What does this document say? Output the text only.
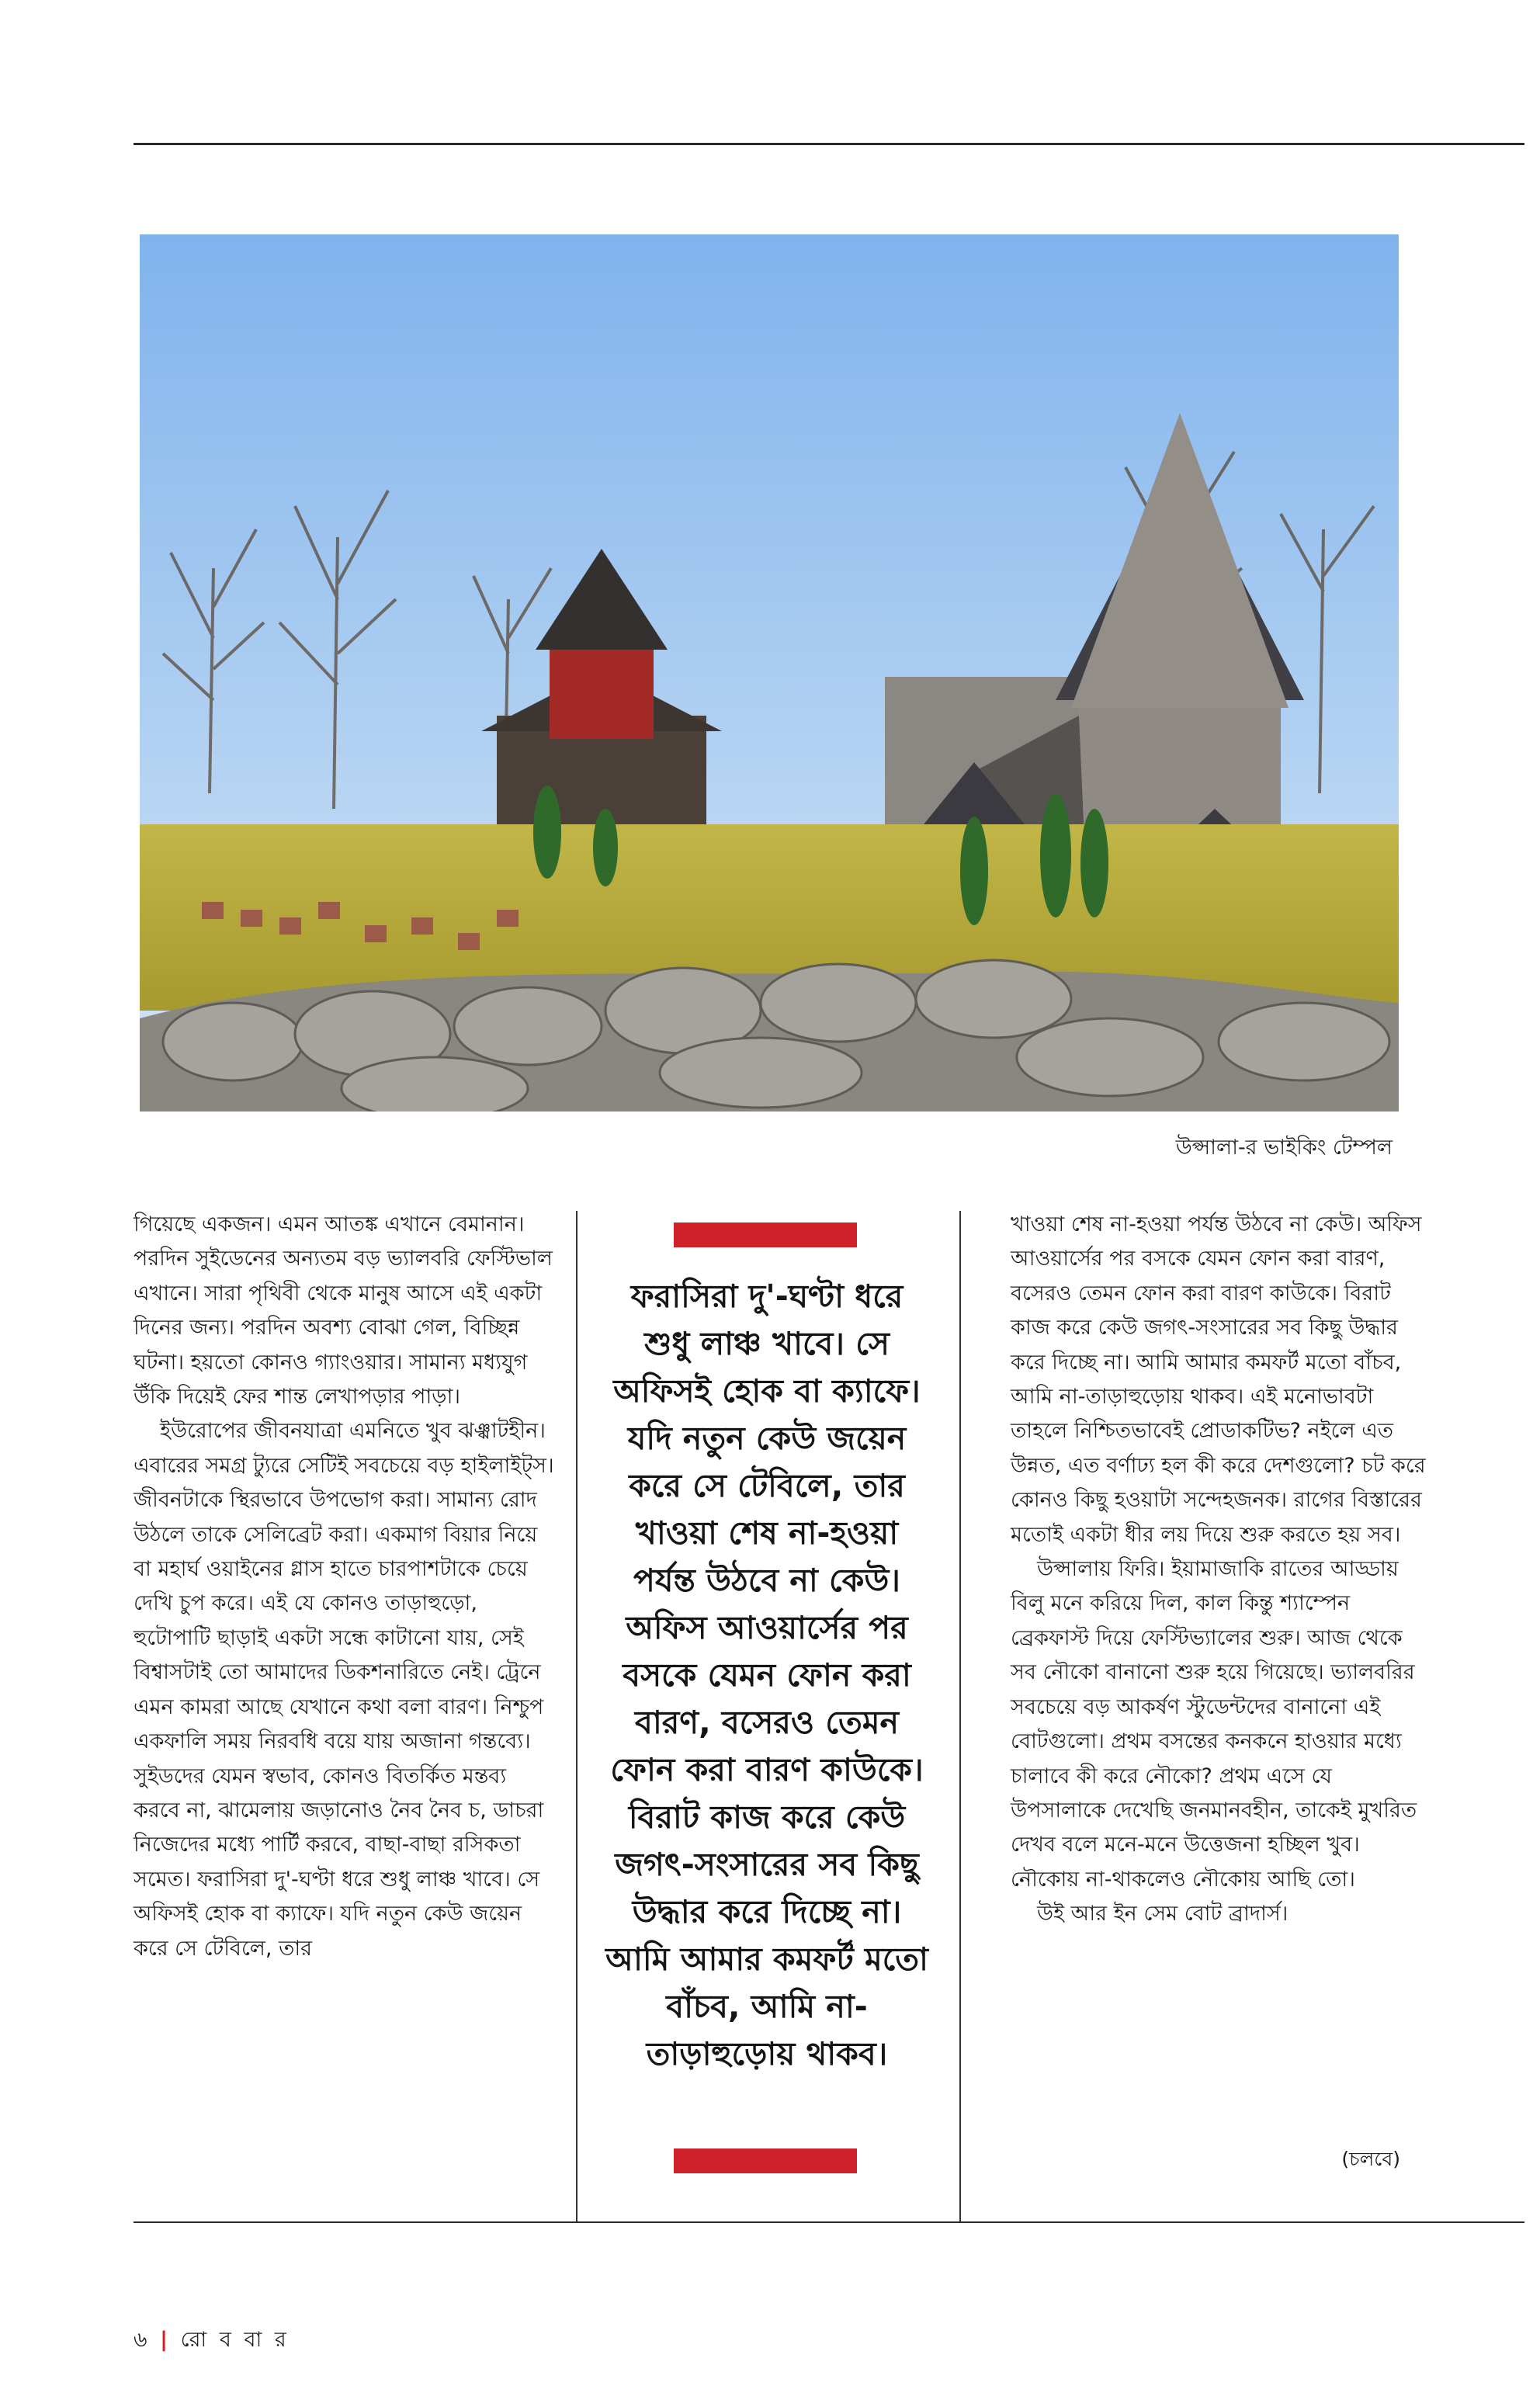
উপ্সালা-র ভাইকিং টেম্পল

গিয়েছে একজন। এমন আতঙ্ক এখানে বেমানান। পরদিন সুইডেনের অন্যতম বড় ভ্যালবরি ফেস্টিভাল এখানে। সারা পৃথিবী থেকে মানুষ আসে এই একটা দিনের জন্য। পরদিন অবশ্য বোঝা গেল, বিচ্ছিন্ন ঘটনা। হয়তো কোনও গ্যাংওয়ার। সামান্য মধ্যযুগ উঁকি দিয়েই ফের শান্ত লেখাপড়ার পাড়া।

ইউরোপের জীবনযাত্রা এমনিতে খুব ঝঞ্ঝাটহীন। এবারের সমগ্র ট্যুরে সেটিই সবচেয়ে বড় হাইলাইট্স। জীবনটাকে স্থিরভাবে উপভোগ করা। সামান্য রোদ উঠলে তাকে সেলিব্রেট করা। একমাগ বিয়ার নিয়ে বা মহার্ঘ ওয়াইনের গ্লাস হাতে চারপাশটাকে চেয়ে দেখি চুপ করে। এই যে কোনও তাড়াহুড়ো, হুটোপাটি ছাড়াই একটা সন্ধে কাটানো যায়, সেই বিশ্বাসটাই তো আমাদের ডিকশনারিতে নেই। ট্রেনে এমন কামরা আছে যেখানে কথা বলা বারণ। নিশ্চুপ একফালি সময় নিরবধি বয়ে যায় অজানা গন্তব্যে। সুইডদের যেমন স্বভাব, কোনও বিতর্কিত মন্তব্য করবে না, ঝামেলায় জড়ানোও নৈব নৈব চ, ডাচরা নিজেদের মধ্যে পার্টি করবে, বাছা-বাছা রসিকতা সমেত। ফরাসিরা দু'-ঘণ্টা ধরে শুধু লাঞ্চ খাবে। সে অফিসই হোক বা ক্যাফে। যদি নতুন কেউ জয়েন করে সে টেবিলে, তার

ফরাসিরা দু'-ঘণ্টা ধরে শুধু লাঞ্চ খাবে। সে অফিসই হোক বা ক্যাফে। যদি নতুন কেউ জয়েন করে সে টেবিলে, তার খাওয়া শেষ না-হওয়া পর্যন্ত উঠবে না কেউ। অফিস আওয়ার্সের পর বসকে যেমন ফোন করা বারণ, বসেরও তেমন ফোন করা বারণ কাউকে। বিরাট কাজ করে কেউ জগৎ-সংসারের সব কিছু উদ্ধার করে দিচ্ছে না। আমি আমার কমফর্ট মতো বাঁচব, আমি না-তাড়াহুড়োয় থাকব।

খাওয়া শেষ না-হওয়া পর্যন্ত উঠবে না কেউ। অফিস আওয়ার্সের পর বসকে যেমন ফোন করা বারণ, বসেরও তেমন ফোন করা বারণ কাউকে। বিরাট কাজ করে কেউ জগৎ-সংসারের সব কিছু উদ্ধার করে দিচ্ছে না। আমি আমার কমফর্ট মতো বাঁচব, আমি না-তাড়াহুড়োয় থাকব। এই মনোভাবটা তাহলে নিশ্চিতভাবেই প্রোডাকটিভ? নইলে এত উন্নত, এত বর্ণাঢ্য হল কী করে দেশগুলো? চট করে কোনও কিছু হওয়াটা সন্দেহজনক। রাগের বিস্তারের মতোই একটা ধীর লয় দিয়ে শুরু করতে হয় সব।

উপ্সালায় ফিরি। ইয়ামাজাকি রাতের আড্ডায় বিলু মনে করিয়ে দিল, কাল কিন্তু শ্যাম্পেন ব্রেকফাস্ট দিয়ে ফেস্টিভ্যালের শুরু। আজ থেকে সব নৌকো বানানো শুরু হয়ে গিয়েছে। ভ্যালবরির সবচেয়ে বড় আকর্ষণ স্টুডেন্টদের বানানো এই বোটগুলো। প্রথম বসন্তের কনকনে হাওয়ার মধ্যে চালাবে কী করে নৌকো? প্রথম এসে যে উপসালাকে দেখেছি জনমানবহীন, তাকেই মুখরিত দেখব বলে মনে-মনে উত্তেজনা হচ্ছিল খুব। নৌকোয় না-থাকলেও নৌকোয় আছি তো।

উই আর ইন সেম বোট ব্রাদার্স।

(চলবে)
৬ | রো ব বা র
